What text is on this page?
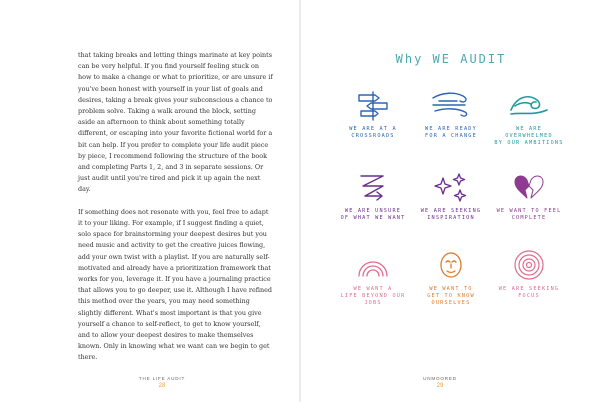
that taking breaks and letting things marinate at key points can be very helpful. If you find yourself feeling stuck on how to make a change or what to prioritize, or are unsure if you've been honest with yourself in your list of goals and desires, taking a break gives your subconscious a chance to problem solve. Taking a walk around the block, setting aside an afternoon to think about something totally different, or escaping into your favorite fictional world for a bit can help. If you prefer to complete your life audit piece by piece, I recommend following the structure of the book and completing Parts 1, 2, and 3 in separate sessions. Or just audit until you're tired and pick it up again the next day.

If something does not resonate with you, feel free to adapt it to your liking. For example, if I suggest finding a quiet, solo space for brainstorming your deepest desires but you need music and activity to get the creative juices flowing, add your own twist with a playlist. If you are naturally self-motivated and already have a prioritization framework that works for you, leverage it. If you have a journaling practice that allows you to go deeper, use it. Although I have refined this method over the years, you may need something slightly different. What's most important is that you give yourself a chance to self-reflect, to get to know yourself, and to allow your deepest desires to make themselves known. Only in knowing what we want can we begin to get there.

THE LIFE AUDIT
28
Why WE AUDIT
WE ARE AT A
CROSSROADS
WE ARE READY
FOR A CHANGE
WE ARE
OVERWHELMED
BY OUR AMBITIONS
WE ARE UNSURE
OF WHAT WE WANT
WE ARE SEEKING
INSPIRATION
WE WANT TO FEEL
COMPLETE
WE WANT A
LIFE BEYOND OUR
JOBS
WE WANT TO
GET TO KNOW
OURSELVES
WE ARE SEEKING
FOCUS
UNMOORED
29
